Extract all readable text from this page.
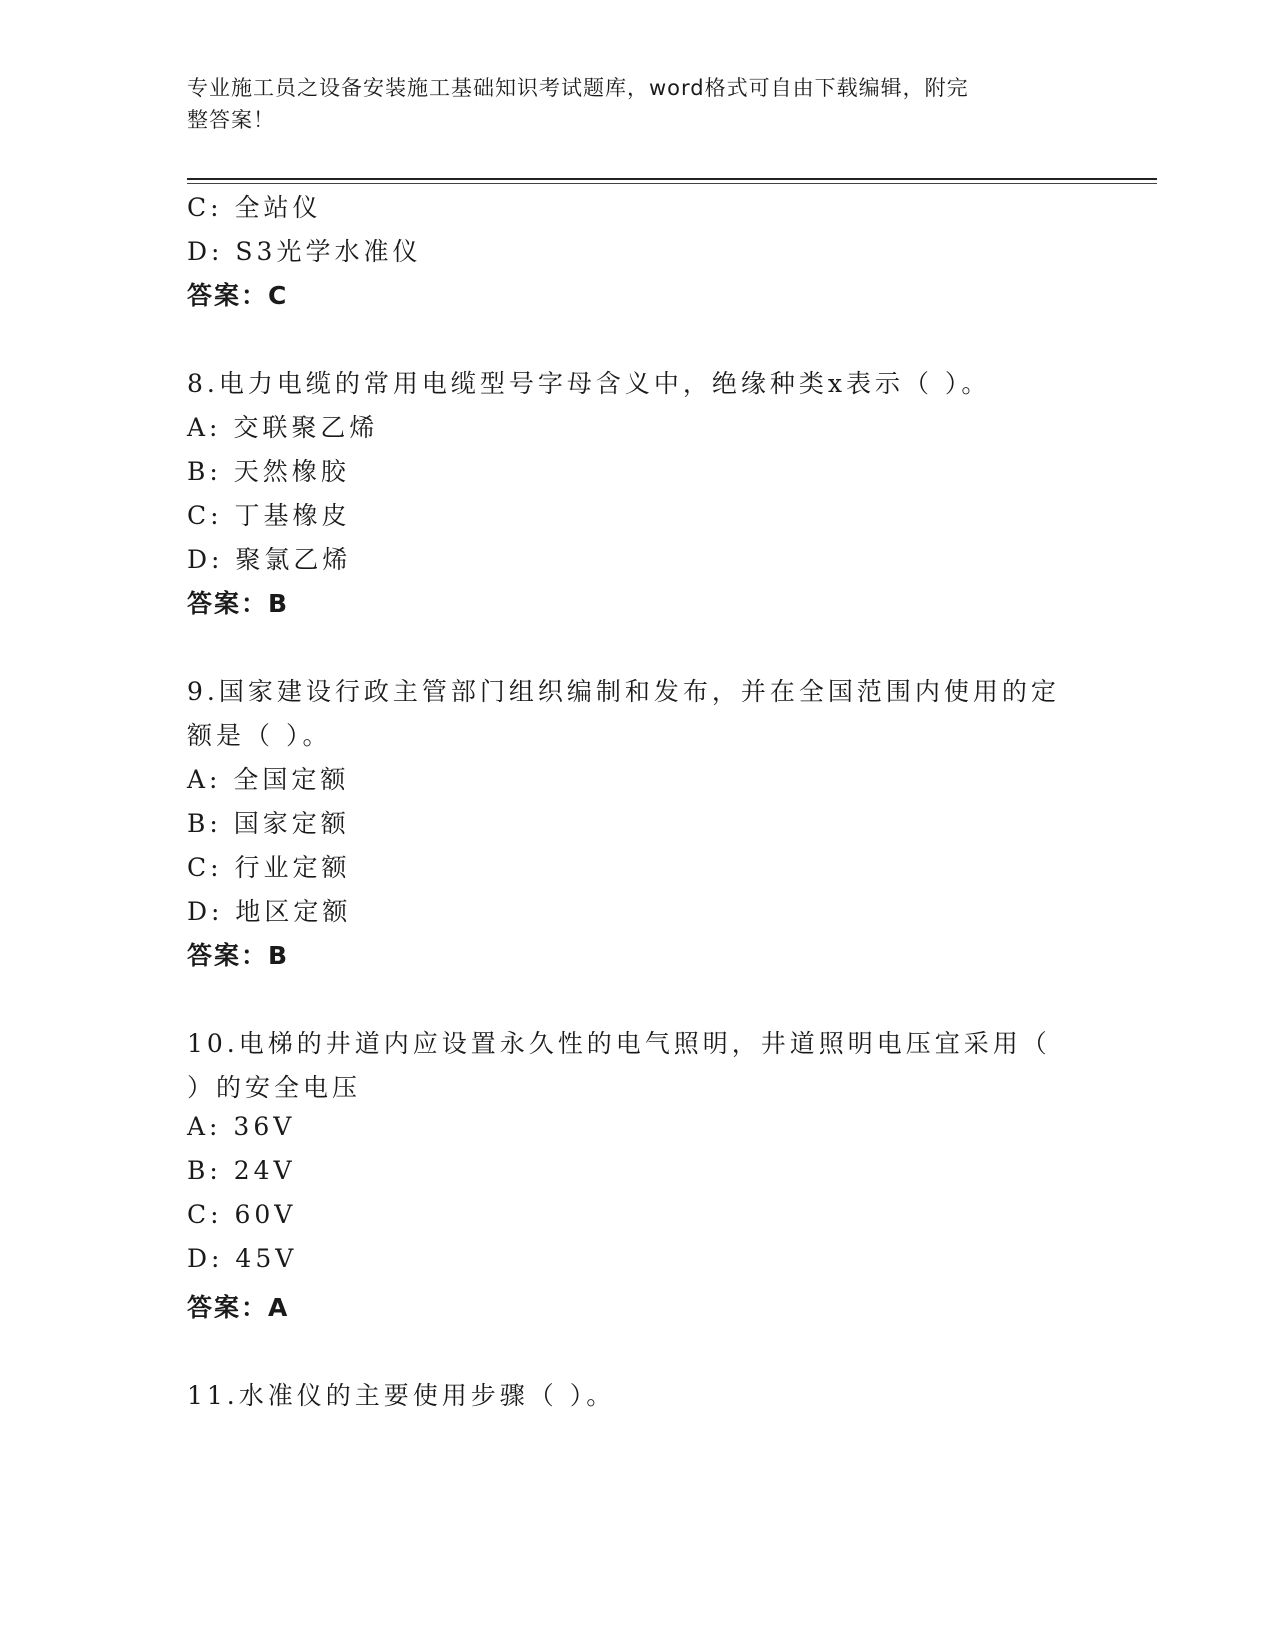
专业施工员之设备安装施工基础知识考试题库，word格式可自由下载编辑，附完
整答案！
C: 全站仪
D: S3光学水准仪
答案：C
8.电力电缆的常用电缆型号字母含义中，绝缘种类x表示（ ）。
A: 交联聚乙烯
B: 天然橡胶
C: 丁基橡皮
D: 聚氯乙烯
答案：B
9.国家建设行政主管部门组织编制和发布，并在全国范围内使用的定
额是（ ）。
A: 全国定额
B: 国家定额
C: 行业定额
D: 地区定额
答案：B
10.电梯的井道内应设置永久性的电气照明，井道照明电压宜采用（
）的安全电压
A: 36V
B: 24V
C: 60V
D: 45V
答案：A
11.水准仪的主要使用步骤（ ）。
